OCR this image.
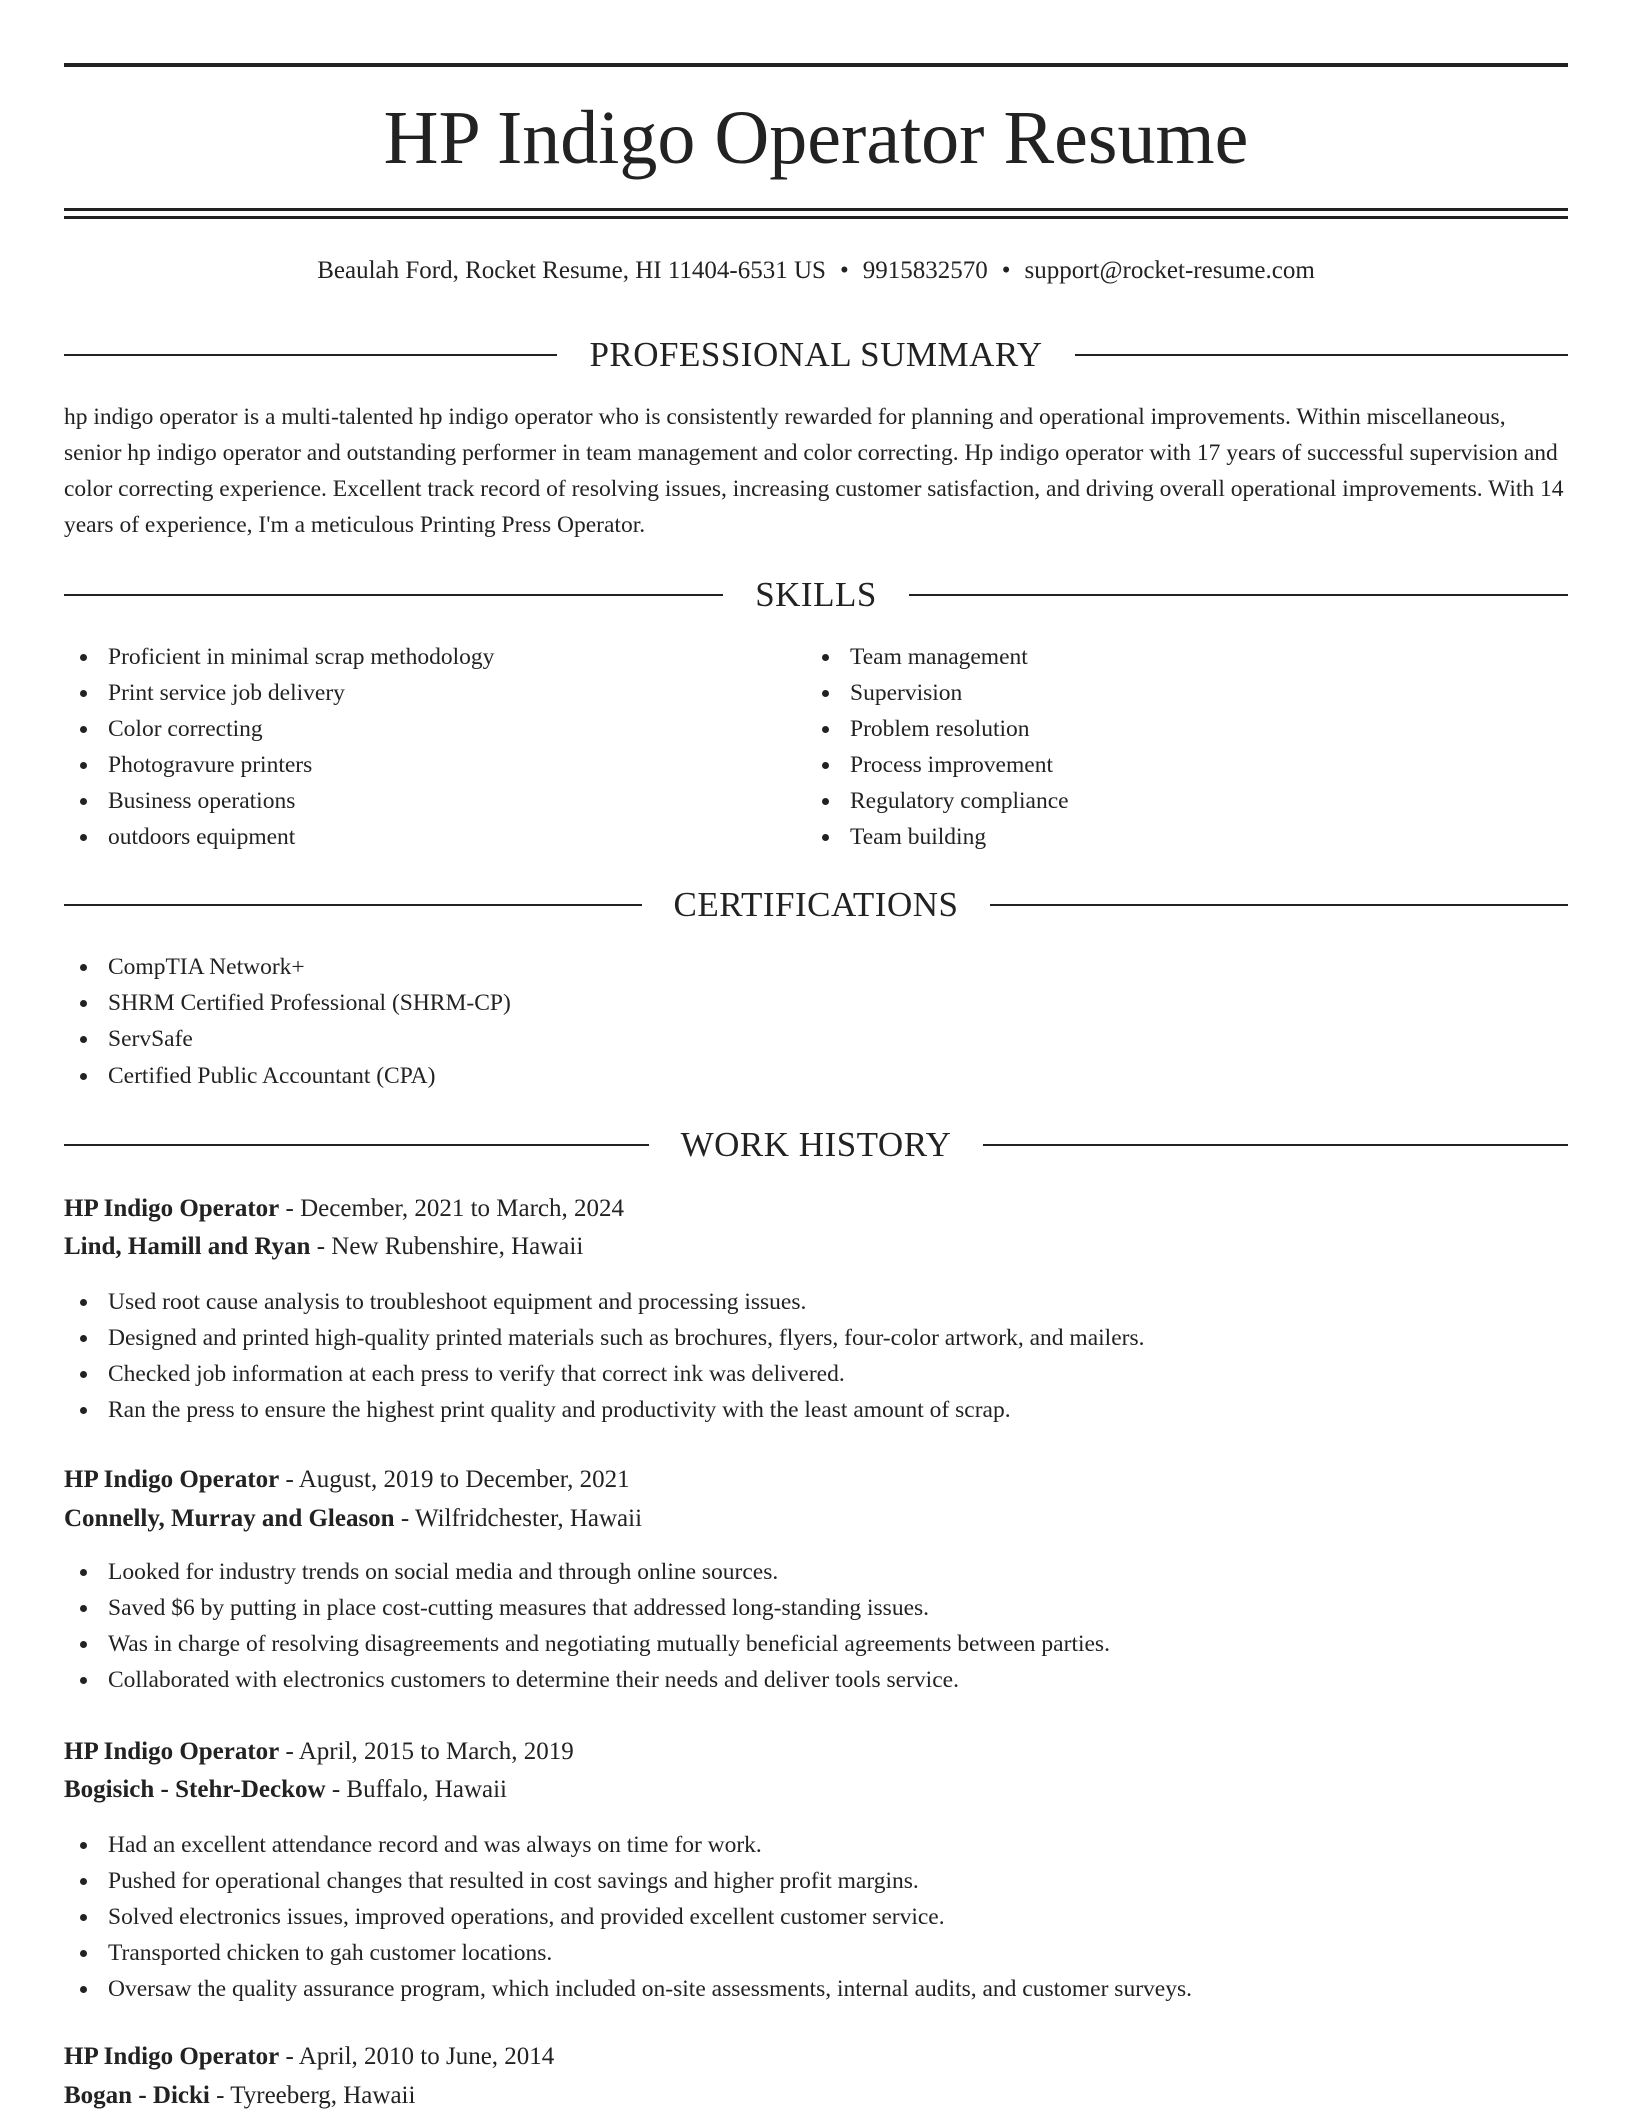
HP Indigo Operator Resume
Beaulah Ford, Rocket Resume, HI 11404-6531 US • 9915832570 • support@rocket-resume.com
PROFESSIONAL SUMMARY

hp indigo operator is a multi-talented hp indigo operator who is consistently rewarded for planning and operational improvements. Within miscellaneous, senior hp indigo operator and outstanding performer in team management and color correcting. Hp indigo operator with 17 years of successful supervision and color correcting experience. Excellent track record of resolving issues, increasing customer satisfaction, and driving overall operational improvements. With 14 years of experience, I'm a meticulous Printing Press Operator.

SKILLS
Proficient in minimal scrap methodology
Print service job delivery
Color correcting
Photogravure printers
Business operations
outdoors equipment
Team management
Supervision
Problem resolution
Process improvement
Regulatory compliance
Team building
CERTIFICATIONS
CompTIA Network+
SHRM Certified Professional (SHRM-CP)
ServSafe
Certified Public Accountant (CPA)
WORK HISTORY
HP Indigo Operator - December, 2021 to March, 2024
Lind, Hamill and Ryan - New Rubenshire, Hawaii
Used root cause analysis to troubleshoot equipment and processing issues.
Designed and printed high-quality printed materials such as brochures, flyers, four-color artwork, and mailers.
Checked job information at each press to verify that correct ink was delivered.
Ran the press to ensure the highest print quality and productivity with the least amount of scrap.
HP Indigo Operator - August, 2019 to December, 2021
Connelly, Murray and Gleason - Wilfridchester, Hawaii
Looked for industry trends on social media and through online sources.
Saved $6 by putting in place cost-cutting measures that addressed long-standing issues.
Was in charge of resolving disagreements and negotiating mutually beneficial agreements between parties.
Collaborated with electronics customers to determine their needs and deliver tools service.
HP Indigo Operator - April, 2015 to March, 2019
Bogisich - Stehr-Deckow - Buffalo, Hawaii
Had an excellent attendance record and was always on time for work.
Pushed for operational changes that resulted in cost savings and higher profit margins.
Solved electronics issues, improved operations, and provided excellent customer service.
Transported chicken to gah customer locations.
Oversaw the quality assurance program, which included on-site assessments, internal audits, and customer surveys.
HP Indigo Operator - April, 2010 to June, 2014
Bogan - Dicki - Tyreeberg, Hawaii
